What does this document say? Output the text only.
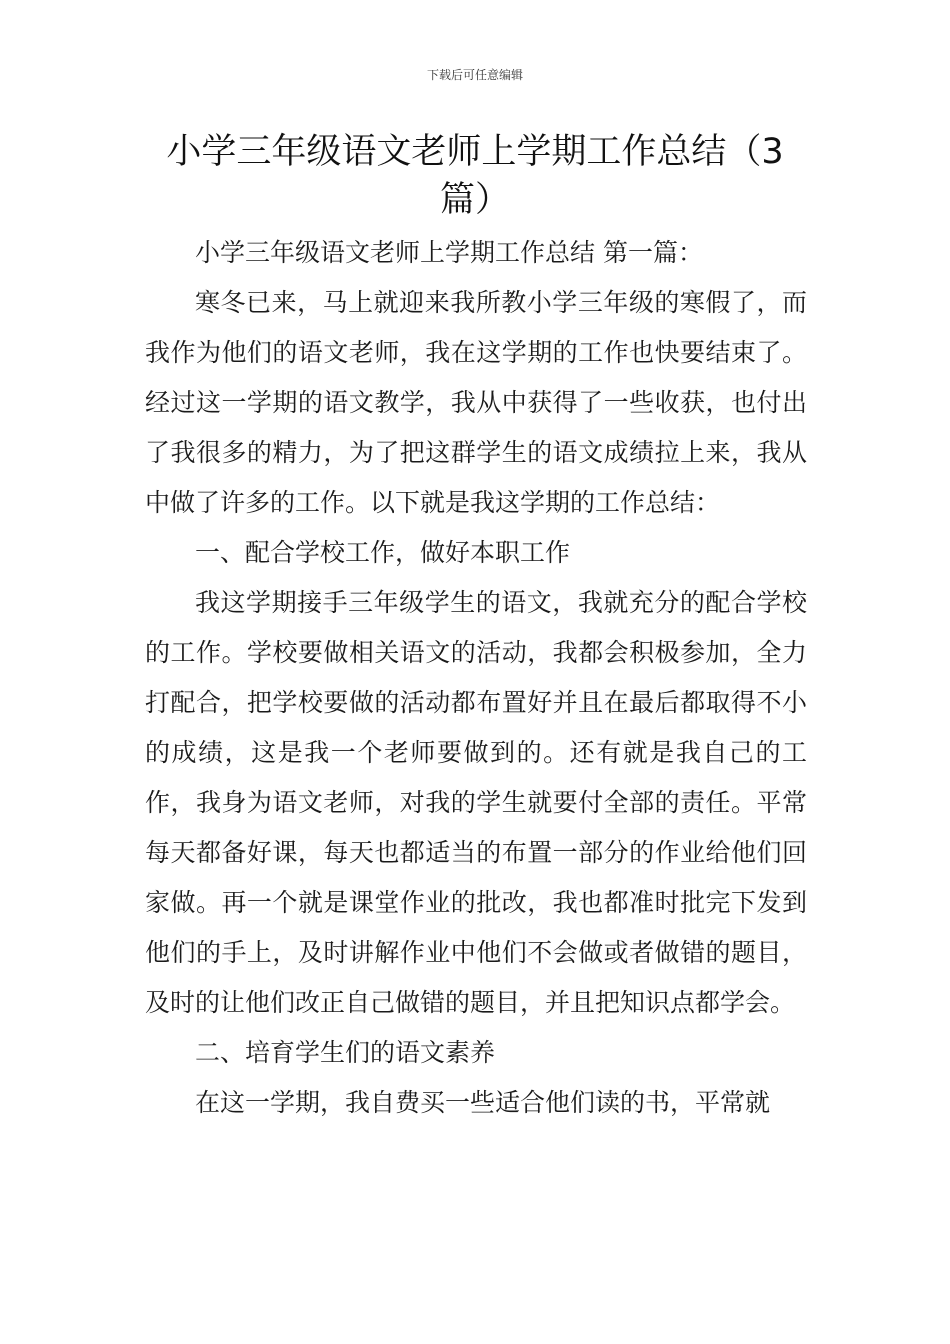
下载后可任意编辑
小学三年级语文老师上学期工作总结（3篇）

小学三年级语文老师上学期工作总结 第一篇：

寒冬已来，马上就迎来我所教小学三年级的寒假了，而我作为他们的语文老师，我在这学期的工作也快要结束了。经过这一学期的语文教学，我从中获得了一些收获，也付出了我很多的精力，为了把这群学生的语文成绩拉上来，我从中做了许多的工作。以下就是我这学期的工作总结：

一、配合学校工作，做好本职工作

我这学期接手三年级学生的语文，我就充分的配合学校的工作。学校要做相关语文的活动，我都会积极参加，全力打配合，把学校要做的活动都布置好并且在最后都取得不小的成绩，这是我一个老师要做到的。还有就是我自己的工作，我身为语文老师，对我的学生就要付全部的责任。平常每天都备好课，每天也都适当的布置一部分的作业给他们回家做。再一个就是课堂作业的批改，我也都准时批完下发到他们的手上，及时讲解作业中他们不会做或者做错的题目，及时的让他们改正自己做错的题目，并且把知识点都学会。

二、培育学生们的语文素养

在这一学期，我自费买一些适合他们读的书，平常就
